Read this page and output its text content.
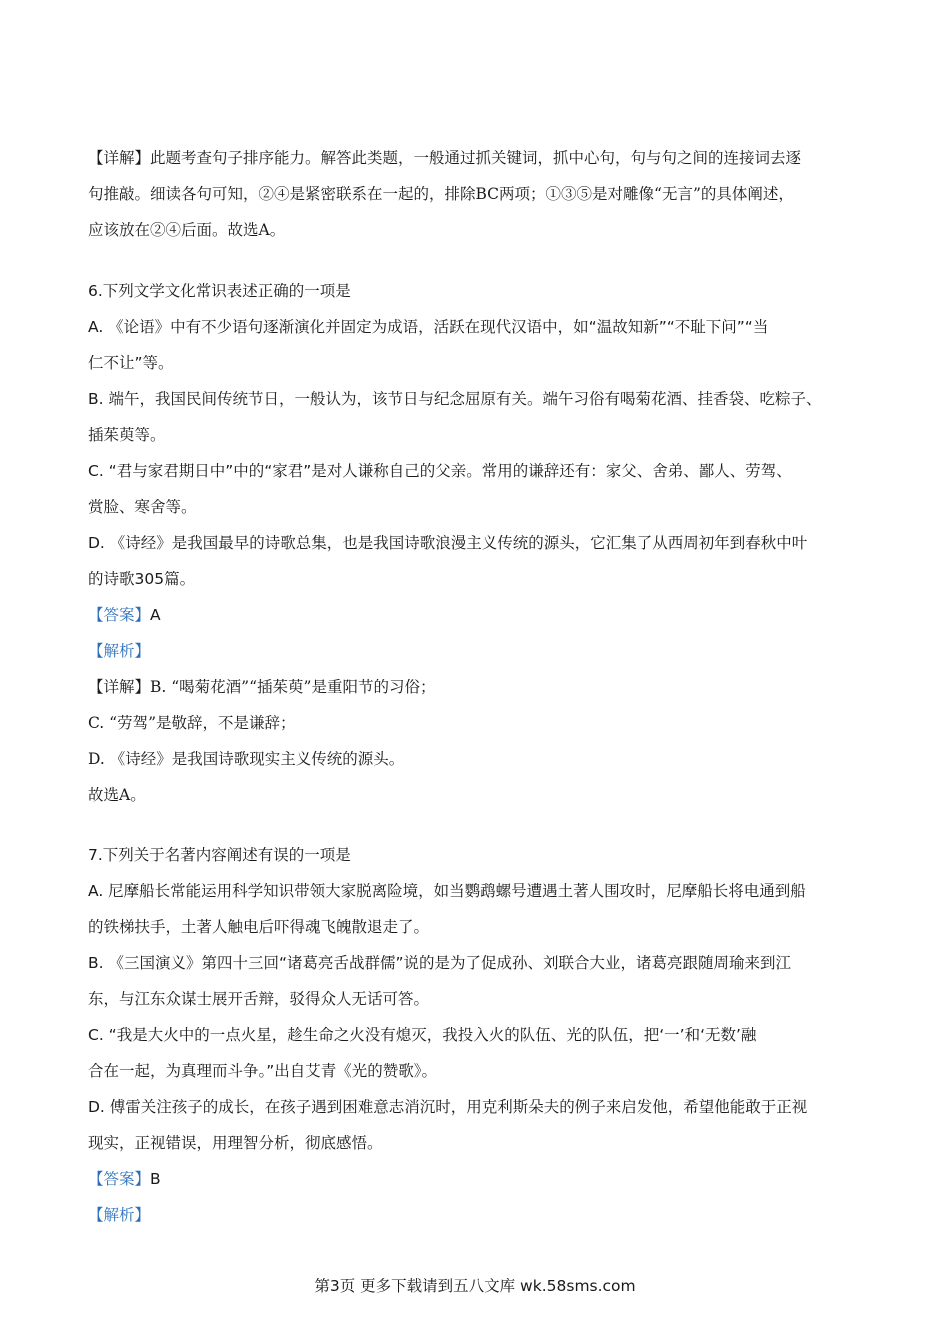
【详解】此题考查句子排序能力。解答此类题，一般通过抓关键词，抓中心句，句与句之间的连接词去逐
句推敲。细读各句可知，②④是紧密联系在一起的，排除BC两项；①③⑤是对雕像“无言”的具体阐述，
应该放在②④后面。故选A。
6.下列文学文化常识表述正确的一项是
A. 《论语》中有不少语句逐渐演化并固定为成语，活跃在现代汉语中，如“温故知新”“不耻下问”“当
仁不让”等。
B. 端午，我国民间传统节日，一般认为，该节日与纪念屈原有关。端午习俗有喝菊花酒、挂香袋、吃粽子、
插茱萸等。
C. “君与家君期日中”中的“家君”是对人谦称自己的父亲。常用的谦辞还有：家父、舍弟、鄙人、劳驾、
赏脸、寒舍等。
D. 《诗经》是我国最早的诗歌总集，也是我国诗歌浪漫主义传统的源头，它汇集了从西周初年到春秋中叶
的诗歌305篇。
【答案】A
【解析】
【详解】B. “喝菊花酒”“插茱萸”是重阳节的习俗；
C. “劳驾”是敬辞，不是谦辞；
D. 《诗经》是我国诗歌现实主义传统的源头。
故选A。
7.下列关于名著内容阐述有误的一项是
A. 尼摩船长常能运用科学知识带领大家脱离险境，如当鹦鹉螺号遭遇土著人围攻时，尼摩船长将电通到船
的铁梯扶手，土著人触电后吓得魂飞魄散退走了。
B. 《三国演义》第四十三回“诸葛亮舌战群儒”说的是为了促成孙、刘联合大业，诸葛亮跟随周瑜来到江
东，与江东众谋士展开舌辩，驳得众人无话可答。
C. “我是大火中的一点火星，趁生命之火没有熄灭，我投入火的队伍、光的队伍，把‘一’和‘无数’融
合在一起，为真理而斗争。”出自艾青《光的赞歌》。
D. 傅雷关注孩子的成长，在孩子遇到困难意志消沉时，用克利斯朵夫的例子来启发他，希望他能敢于正视
现实，正视错误，用理智分析，彻底感悟。
【答案】B
【解析】
第3页 更多下载请到五八文库 wk.58sms.com
